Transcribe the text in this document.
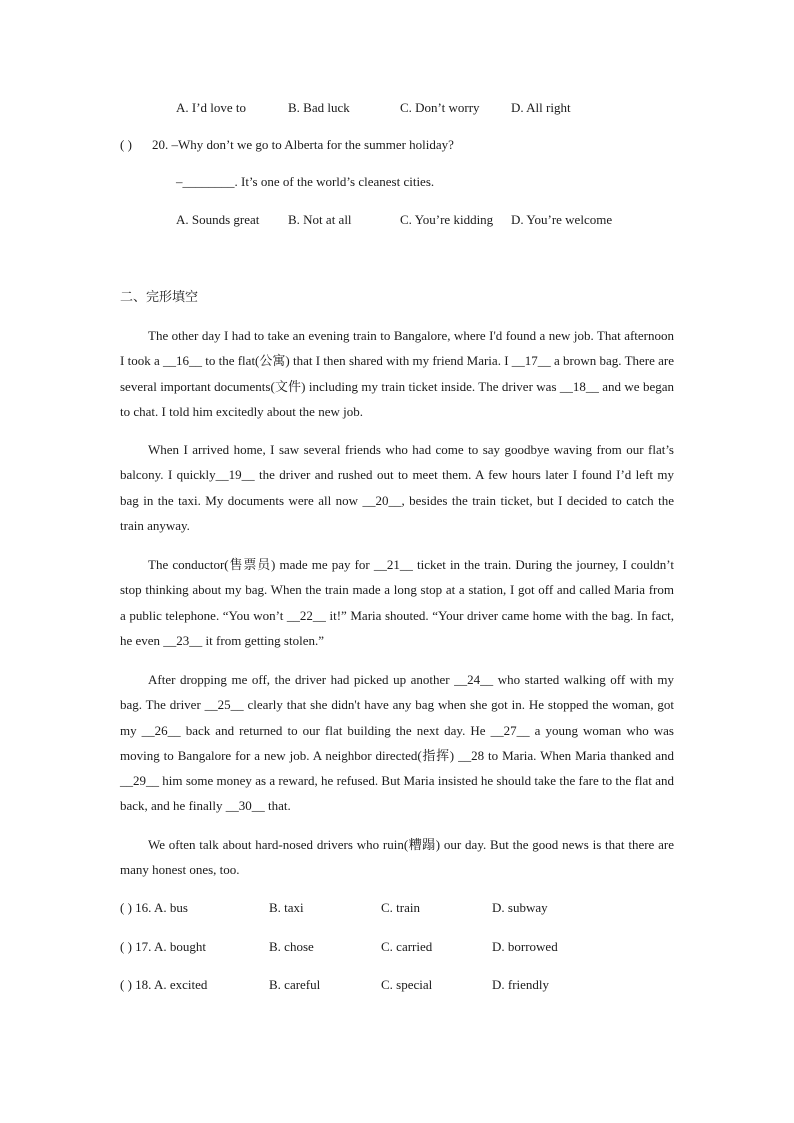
A. I’d love to	B. Bad luck	C. Don’t worry D. All right
( ) 20. –Why don’t we go to Alberta for the summer holiday?
–________. It’s one of the world’s cleanest cities.
A. Sounds great B. Not at all	C. You’re kidding D. You’re welcome
二、完形填空

The other day I had to take an evening train to Bangalore, where I'd found a new job. That afternoon I took a __16__ to the flat(公寓) that I then shared with my friend Maria. I __17__ a brown bag. There are several important documents(文件) including my train ticket inside. The driver was __18__ and we began to chat. I told him excitedly about the new job.

When I arrived home, I saw several friends who had come to say goodbye waving from our flat’s balcony. I quickly__19__ the driver and rushed out to meet them. A few hours later I found I’d left my bag in the taxi. My documents were all now __20__, besides the train ticket, but I decided to catch the train anyway.

The conductor(售票员) made me pay for __21__ ticket in the train. During the journey, I couldn’t stop thinking about my bag. When the train made a long stop at a station, I got off and called Maria from a public telephone. “You won’t __22__ it!” Maria shouted. “Your driver came home with the bag. In fact, he even __23__ it from getting stolen.”

After dropping me off, the driver had picked up another __24__ who started walking off with my bag. The driver __25__ clearly that she didn't have any bag when she got in. He stopped the woman, got my __26__ back and returned to our flat building the next day. He __27__ a young woman who was moving to Bangalore for a new job. A neighbor directed(指挥) __28 to Maria. When Maria thanked and __29__ him some money as a reward, he refused. But Maria insisted he should take the fare to the flat and back, and he finally __30__ that.

We often talk about hard-nosed drivers who ruin(糟蹋) our day. But the good news is that there are many honest ones, too.

( ) 16. A. bus	B. taxi	C. train	D. subway
( ) 17. A. bought	B. chose	C. carried	D. borrowed
( ) 18. A. excited	B. careful	C. special	D. friendly
